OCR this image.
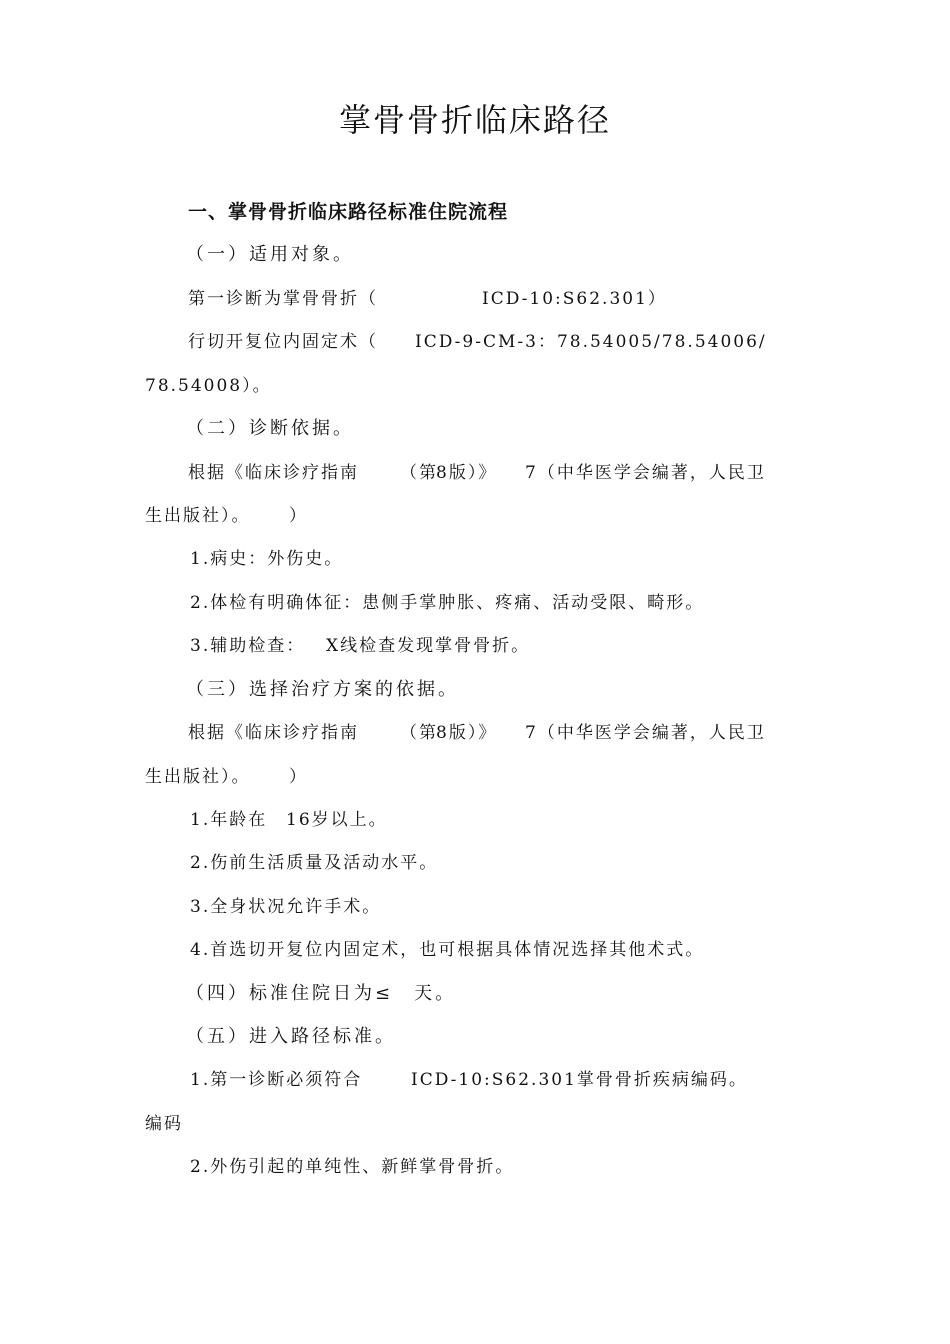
掌骨骨折临床路径
一、掌骨骨折临床路径标准住院流程
（一）适用对象。
第一诊断为掌骨骨折（	ICD-10:S62.301）
行切开复位内固定术（ ICD-9-CM-3：78.54005/78.54006/
78.54008）。
（二）诊断依据。
根据《临床诊疗指南 （第
8版）》 7（中华医学会编著，人民卫
生出版社）。 ）
1.病史：外伤史。
2.体检有明确体征：患侧手掌肿胀、疼痛、活动受限、畸形。
3.辅助检查： X线检查发现掌骨骨折。
（三）选择治疗方案的依据。
根据《临床诊疗指南 （第
8版）》 7（中华医学会编著，人民卫
生出版社）。 ）
1.年龄在 16岁以上。
2.伤前生活质量及活动水平。
3.全身状况允许手术。
4.首选切开复位内固定术，也可根据具体情况选择其他术式。
（四）标准住院日为≤　天。
（五）进入路径标准。
1.第一诊断必须符合	ICD-10:S62.301掌骨骨折疾病编码。
编码
2.外伤引起的单纯性、新鲜掌骨骨折。
